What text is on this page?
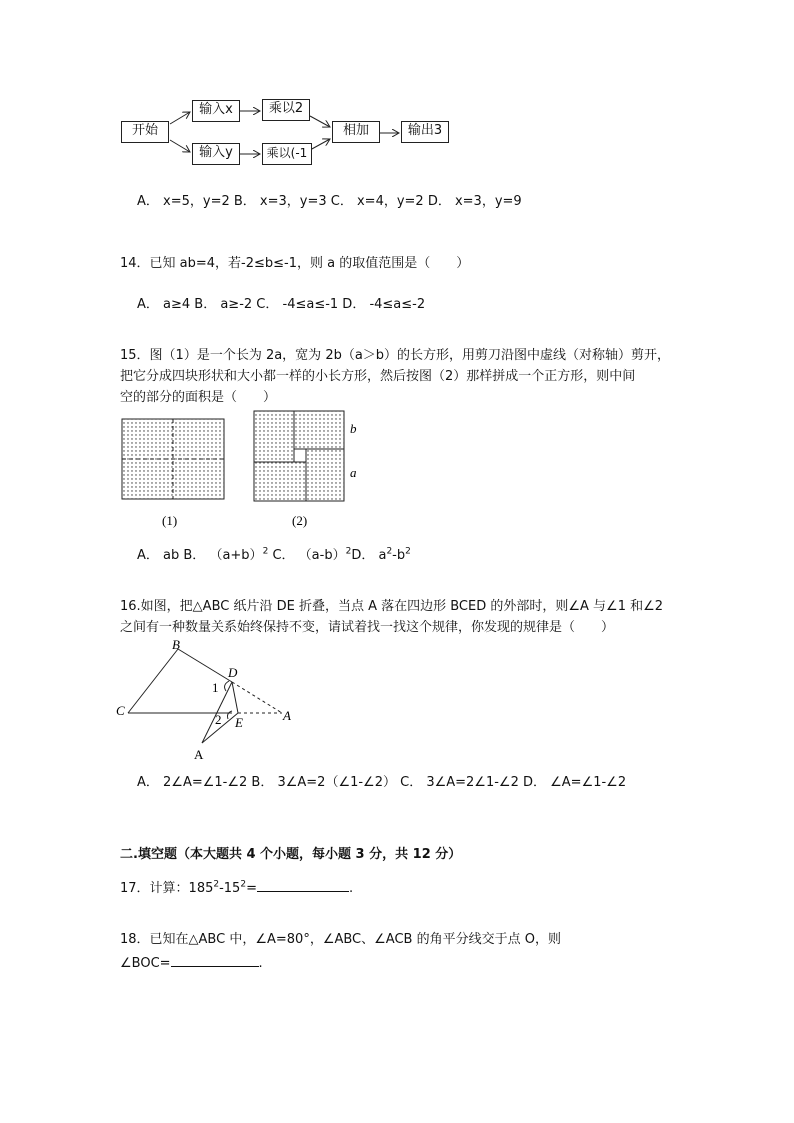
开始
输入x	乘以2
输入y	乘以(-1
相加	输出3
A． x=5，y=2 B． x=3，y=3 C． x=4，y=2 D． x=3，y=9
14．已知 ab=4，若-2≤b≤-1，则 a 的取值范围是（　　）
A． a≥4 B． a≥-2 C． -4≤a≤-1 D． -4≤a≤-2
15．图（1）是一个长为 2a，宽为 2b（a＞b）的长方形，用剪刀沿图中虚线（对称轴）剪开，
把它分成四块形状和大小都一样的小长方形，然后按图（2）那样拼成一个正方形，则中间
空的部分的面积是（　　）
(1)
b
a
(2)
A． ab B． $(a+b)^2$ C． $(a-b)^2D$． $a^2-b^2$
16.如图，把△ABC 纸片沿 DE 折叠，当点 A 落在四边形 BCED 的外部时，则∠A 与∠1 和∠2
之间有一种数量关系始终保持不变，请试着找一找这个规律，你发现的规律是（　　）
B
C
D
E	A
A
1
2
A． 2∠A=∠1-∠2 B． 3∠A=2（∠1-∠2） C． 3∠A=2∠1-∠2 D． ∠A=∠1-∠2
二.填空题（本大题共 4 个小题，每小题 3 分，共 12 分）
17．计算：$185^2-15^2=$	.
18．已知在△ABC 中，∠A=80°，∠ABC、∠ACB 的角平分线交于点 O，则
∠BOC=	.
